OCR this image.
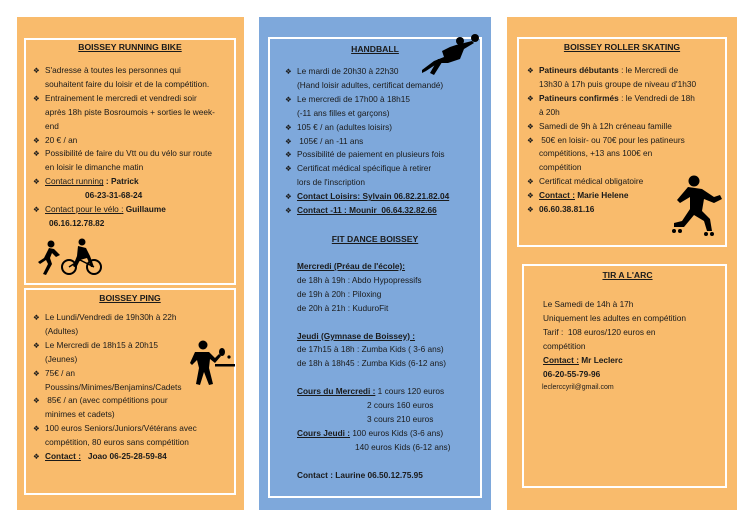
BOISSEY RUNNING BIKE
❖ S'adresse à toutes les personnes qui
souhaitent faire du loisir et de la compétition.
❖ Entrainement le mercredi et vendredi soir
après 18h piste Bosroumois + sorties le week-
end
❖ 20 € / an
❖ Possibilité de faire du Vtt ou du vélo sur route
en loisir le dimanche matin
❖ Contact running : Patrick
06-23-31-68-24
❖ Contact pour le vélo : Guillaume
06.16.12.78.82
BOISSEY PING
❖ Le Lundi/Vendredi de 19h30h à 22h
(Adultes)
❖ Le Mercredi de 18h15 à 20h15
(Jeunes)
❖ 75€ / an
Poussins/Minimes/Benjamins/Cadets
❖ 85€ / an (avec compétitions pour
minimes et cadets)
❖ 100 euros Seniors/Juniors/Vétérans avec
compétition, 80 euros sans compétition
❖ Contact :   Joao 06-25-28-59-84
HANDBALL
❖ Le mardi de 20h30 à 22h30
(Hand loisir adultes, certificat demandé)
❖ Le mercredi de 17h00 à 18h15
(-11 ans filles et garçons)
❖ 105 € / an (adultes loisirs)
❖ 105€ / an -11 ans
❖ Possibilité de paiement en plusieurs fois
❖ Certificat médical spécifique à retirer
lors de l'inscription
❖ Contact Loisirs: Sylvain 06.82.21.82.04
❖ Contact -11 : Mounir  06.64.32.82.66
FIT DANCE BOISSEY
Mercredi (Préau de l'école):
de 18h à 19h : Abdo Hypopressifs
de 19h à 20h : Piloxing
de 20h à 21h : KuduroFit

Jeudi (Gymnase de Boissey) :
de 17h15 à 18h : Zumba Kids ( 3-6 ans)
de 18h à 18h45 : Zumba Kids (6-12 ans)

Cours du Mercredi : 1 cours 120 euros
2 cours 160 euros
3 cours 210 euros
Cours Jeudi : 100 euros Kids (3-6 ans)
140 euros Kids (6-12 ans)

Contact : Laurine 06.50.12.75.95
BOISSEY ROLLER SKATING
❖ Patineurs débutants : le Mercredi de
13h30 à 17h puis groupe de niveau d'1h30
❖ Patineurs confirmés : le Vendredi de 18h
à 20h
❖ Samedi de 9h à 12h créneau famille
❖ 50€ en loisir- ou 70€ pour les patineurs
compétitions, +13 ans 100€ en
compétition
❖ Certificat médical obligatoire
❖ Contact : Marie Helene
❖ 06.60.38.81.16
TIR A L'ARC
Le Samedi de 14h à 17h
Uniquement les adultes en compétition
Tarif :  108 euros/120 euros en
compétition
Contact : Mr Leclerc
06-20-55-79-96
leclerccyril@gmail.com
